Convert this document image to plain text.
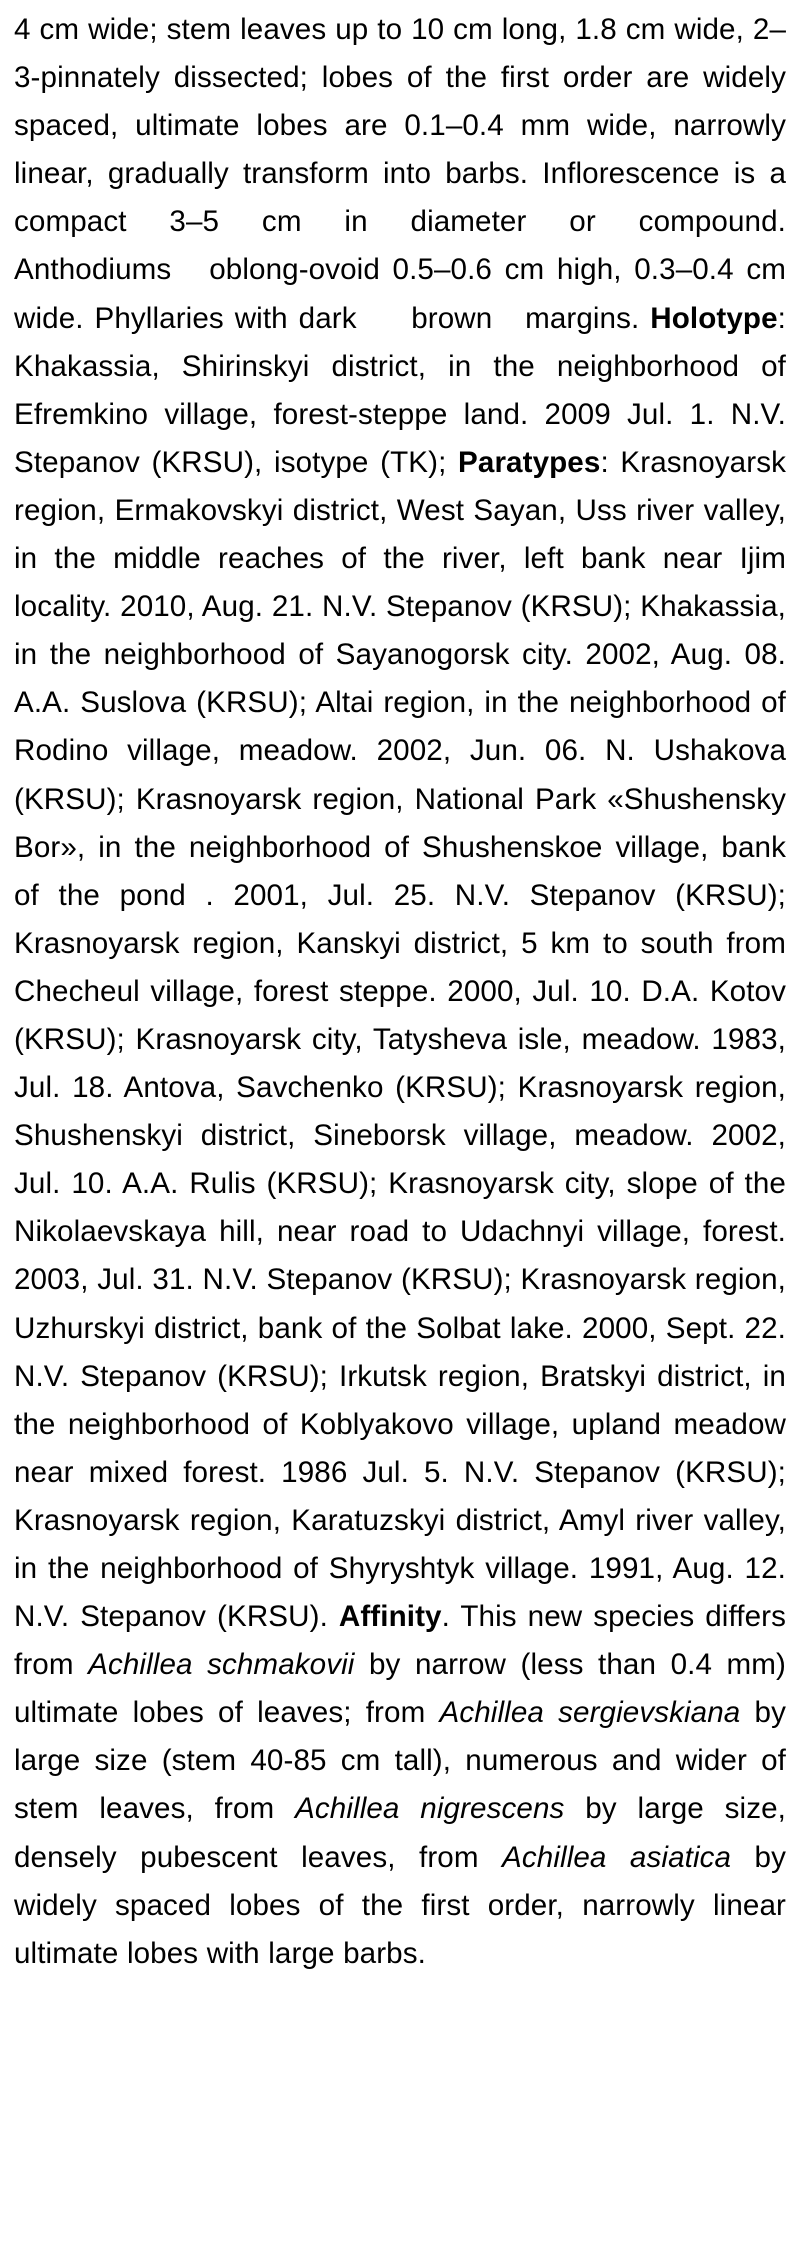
4 cm wide; stem leaves up to 10 cm long, 1.8 cm wide, 2–3-pinnately dissected; lobes of the first order are widely spaced, ultimate lobes are 0.1–0.4 mm wide, narrowly linear, gradually transform into barbs. Inflorescence is a compact 3–5 cm in diameter or compound. Anthodiums oblong-ovoid 0.5–0.6 cm high, 0.3–0.4 cm wide. Phyllaries with dark brown margins. Holotype: Khakassia, Shirinskyi district, in the neighborhood of Efremkino village, forest-steppe land. 2009 Jul. 1. N.V. Stepanov (KRSU), isotype (TK); Paratypes: Krasnoyarsk region, Ermakovskyi district, West Sayan, Uss river valley, in the middle reaches of the river, left bank near Ijim locality. 2010, Aug. 21. N.V. Stepanov (KRSU); Khakassia, in the neighborhood of Sayanogorsk city. 2002, Aug. 08. A.A. Suslova (KRSU); Altai region, in the neighborhood of Rodino village, meadow. 2002, Jun. 06. N. Ushakova (KRSU); Krasnoyarsk region, National Park «Shushensky Bor», in the neighborhood of Shushenskoe village, bank of the pond . 2001, Jul. 25. N.V. Stepanov (KRSU); Krasnoyarsk region, Kanskyi district, 5 km to south from Checheul village, forest steppe. 2000, Jul. 10. D.A. Kotov (KRSU); Krasnoyarsk city, Tatysheva isle, meadow. 1983, Jul. 18. Antova, Savchenko (KRSU); Krasnoyarsk region, Shushenskyi district, Sineborsk village, meadow. 2002, Jul. 10. A.A. Rulis (KRSU); Krasnoyarsk city, slope of the Nikolaevskaya hill, near road to Udachnyi village, forest. 2003, Jul. 31. N.V. Stepanov (KRSU); Krasnoyarsk region, Uzhurskyi district, bank of the Solbat lake. 2000, Sept. 22. N.V. Stepanov (KRSU); Irkutsk region, Bratskyi district, in the neighborhood of Koblyakovo village, upland meadow near mixed forest. 1986 Jul. 5. N.V. Stepanov (KRSU); Krasnoyarsk region, Karatuzskyi district, Amyl river valley, in the neighborhood of Shyryshtyk village. 1991, Aug. 12. N.V. Stepanov (KRSU). Affinity. This new species differs from Achillea schmakovii by narrow (less than 0.4 mm) ultimate lobes of leaves; from Achillea sergievskiana by large size (stem 40-85 cm tall), numerous and wider of stem leaves, from Achillea nigrescens by large size, densely pubescent leaves, from Achillea asiatica by widely spaced lobes of the first order, narrowly linear ultimate lobes with large barbs.
